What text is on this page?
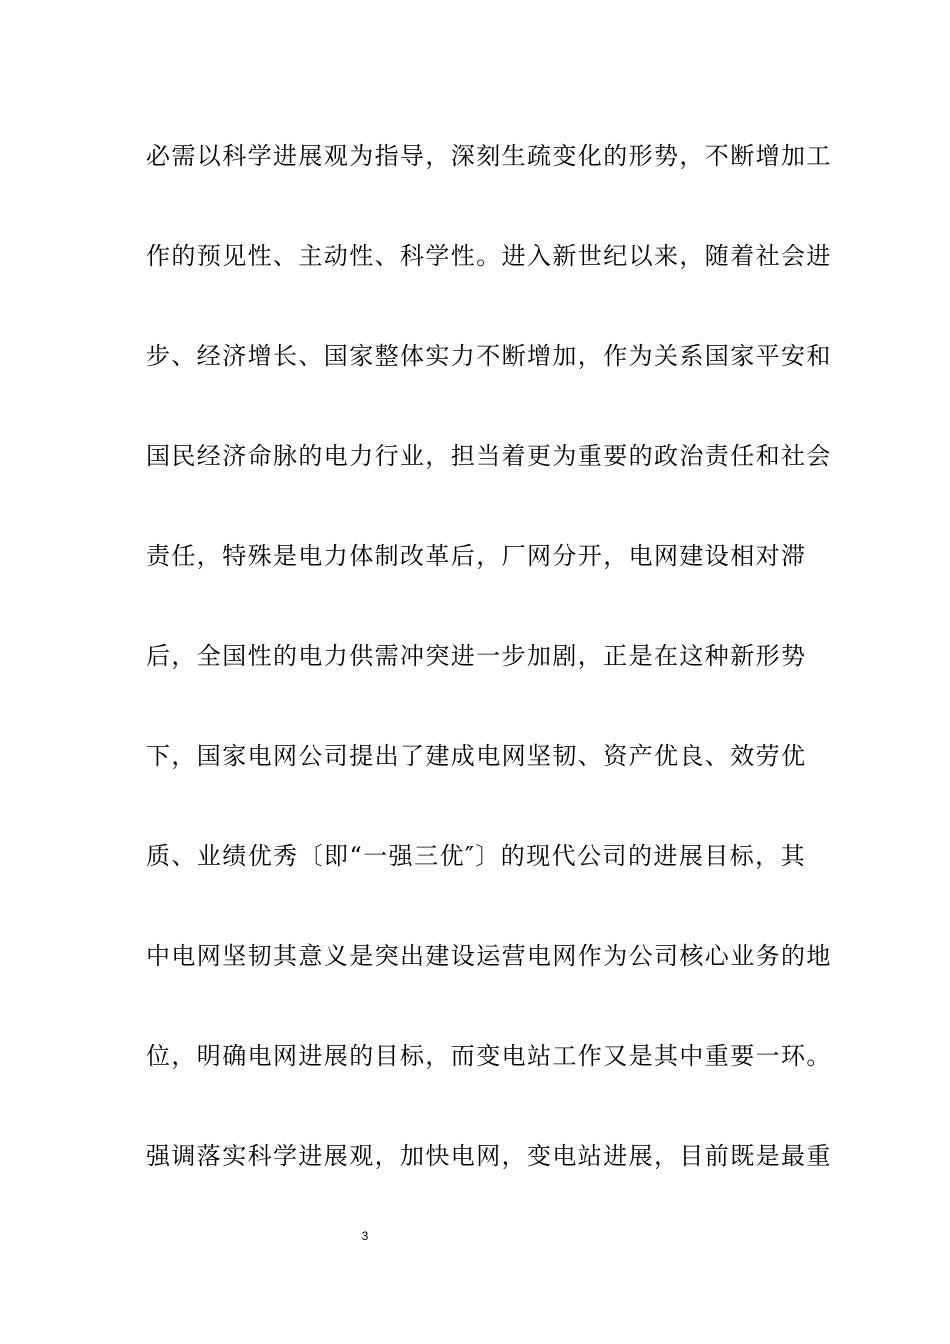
必需以科学进展观为指导，深刻生疏变化的形势，不断增加工
作的预见性、主动性、科学性。进入新世纪以来，随着社会进
步、经济增长、国家整体实力不断增加，作为关系国家平安和
国民经济命脉的电力行业，担当着更为重要的政治责任和社会
责任，特殊是电力体制改革后，厂网分开，电网建设相对滞
后，全国性的电力供需冲突进一步加剧，正是在这种新形势
下，国家电网公司提出了建成电网坚韧、资产优良、效劳优
质、业绩优秀〔即“一强三优″〕的现代公司的进展目标，其
中电网坚韧其意义是突出建设运营电网作为公司核心业务的地
位，明确电网进展的目标，而变电站工作又是其中重要一环。
强调落实科学进展观，加快电网，变电站进展，目前既是最重
3
